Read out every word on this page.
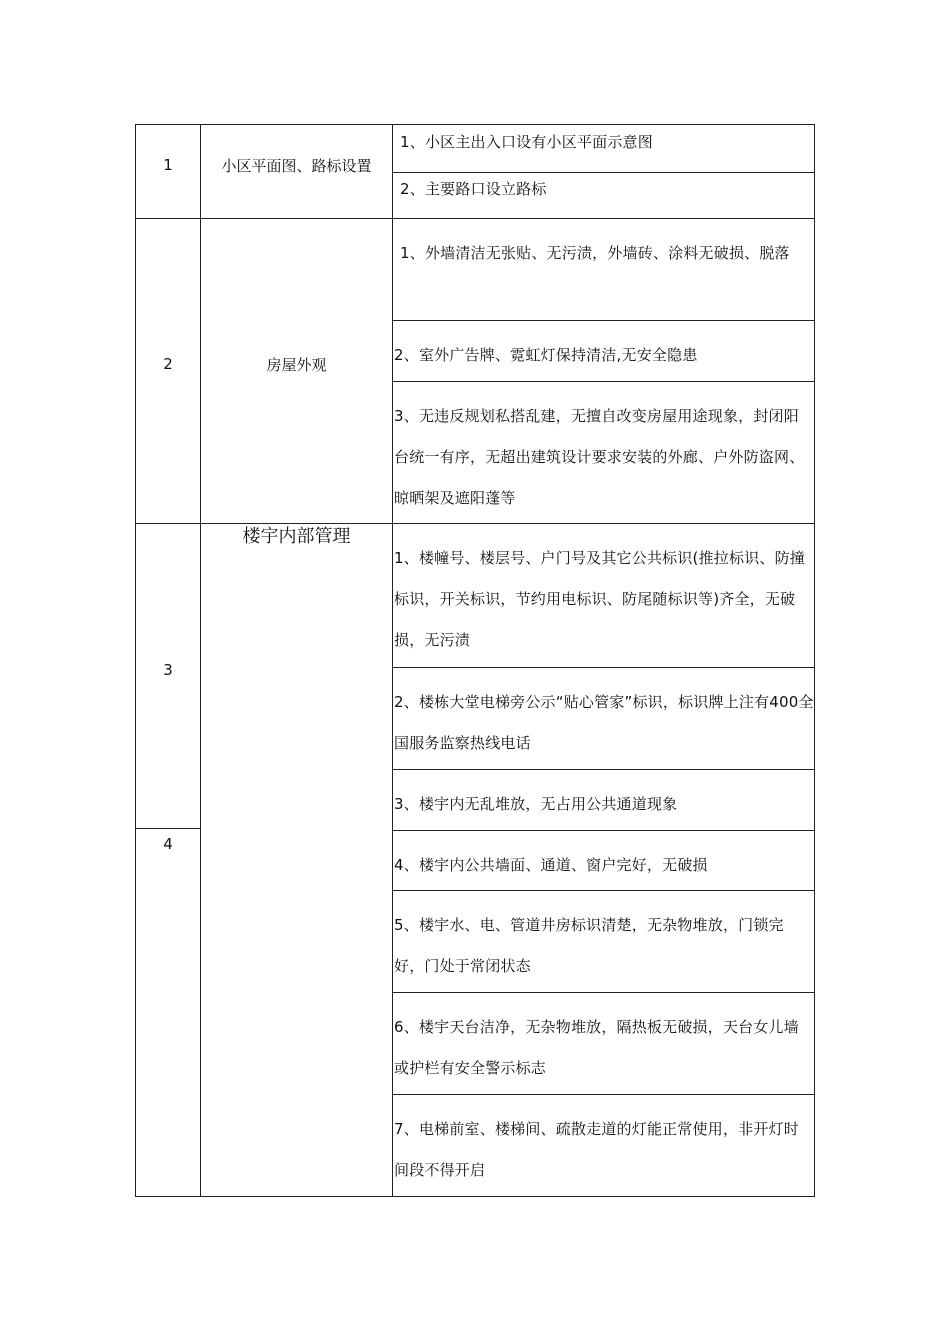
1	小区平面图、路标设置
1、小区主出入口设有小区平面示意图
2、主要路口设立路标
2	房屋外观
1、外墙清洁无张贴、无污渍，外墙砖、涂料无破损、脱落
2、室外广告牌、霓虹灯保持清洁,无安全隐患
3、无违反规划私搭乱建，无擅自改变房屋用途现象，封闭阳台统一有序，无超出建筑设计要求安装的外廊、户外防盗网、晾晒架及遮阳蓬等
3
楼宇内部管理
1、楼幢号、楼层号、户门号及其它公共标识(推拉标识、防撞标识，开关标识，节约用电标识、防尾随标识等)齐全，无破损，无污渍
2、楼栋大堂电梯旁公示“贴心管家”标识，标识牌上注有400全国服务监察热线电话
3、楼宇内无乱堆放，无占用公共通道现象
4
4、楼宇内公共墙面、通道、窗户完好，无破损
5、楼宇水、电、管道井房标识清楚，无杂物堆放，门锁完好，门处于常闭状态
6、楼宇天台洁净，无杂物堆放，隔热板无破损，天台女儿墙或护栏有安全警示标志
7、电梯前室、楼梯间、疏散走道的灯能正常使用，非开灯时间段不得开启
